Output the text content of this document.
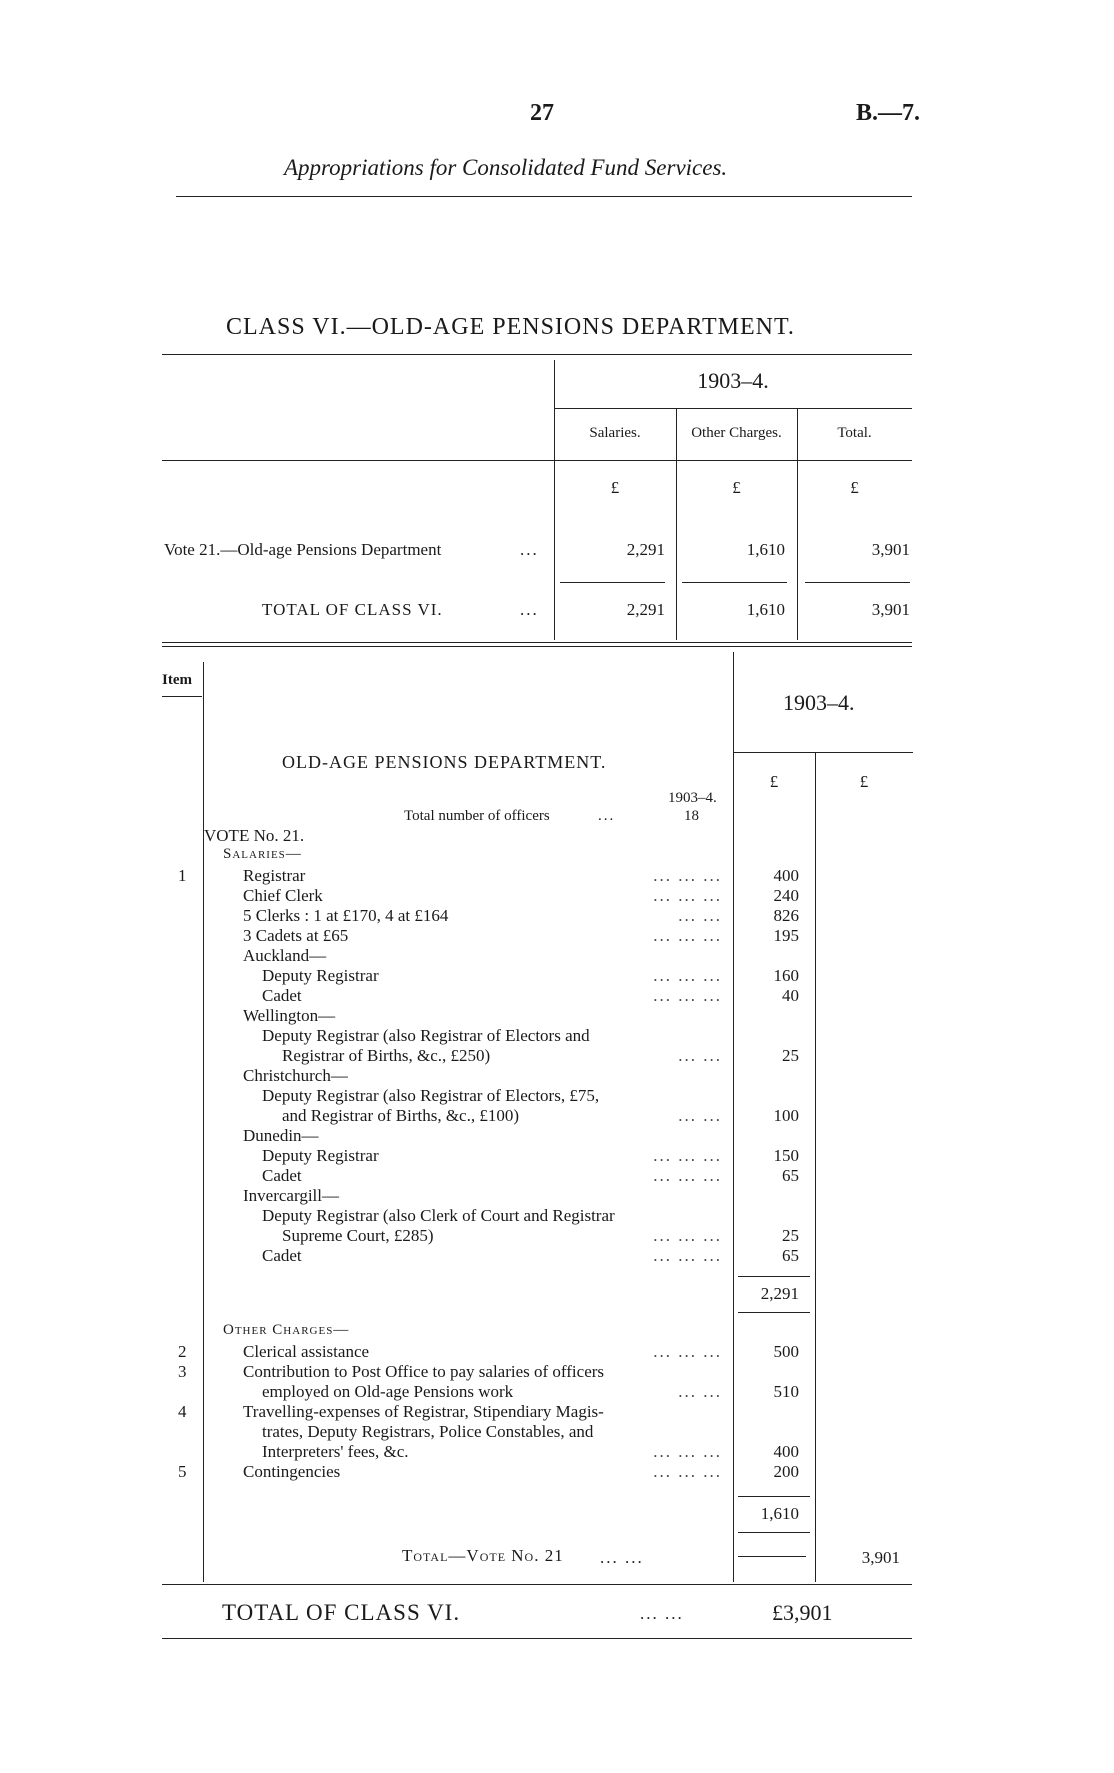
27	B.—7.
Appropriations for Consolidated Fund Services.
CLASS VI.—OLD-AGE PENSIONS DEPARTMENT.
1903–4.
Salaries.	Other Charges.	Total.
£	£	£
Vote 21.—Old-age Pensions Department	...	2,291	1,610	3,901
TOTAL OF CLASS VI.	...	2,291	1,610	3,901
Item
1903–4.
OLD-AGE PENSIONS DEPARTMENT.
£	£
1903–4.
Total number of officers	...	18
VOTE No. 21.
Salaries—
1	Registrar	... ... ...	400
Chief Clerk	... ... ...	240
5 Clerks : 1 at £170, 4 at £164	... ...	826
3 Cadets at £65	... ... ...	195
Auckland—
Deputy Registrar	... ... ...	160
Cadet	... ... ...	40
Wellington—
Deputy Registrar (also Registrar of Electors and
Registrar of Births, &c., £250)	... ...	25
Christchurch—
Deputy Registrar (also Registrar of Electors, £75,
and Registrar of Births, &c., £100)	... ...	100
Dunedin—
Deputy Registrar	... ... ...	150
Cadet	... ... ...	65
Invercargill—
Deputy Registrar (also Clerk of Court and Registrar
Supreme Court, £285)	... ... ...	25
Cadet	... ... ...	65
2,291
Other Charges—
2	Clerical assistance	... ... ...	500
3	Contribution to Post Office to pay salaries of officers
employed on Old-age Pensions work	... ...	510
4	Travelling-expenses of Registrar, Stipendiary Magis-
trates, Deputy Registrars, Police Constables, and
Interpreters' fees, &c.	... ... ...	400
5	Contingencies	... ... ...	200
1,610
Total—Vote No. 21 ... ...	3,901
TOTAL OF CLASS VI.	... ...	£3,901
